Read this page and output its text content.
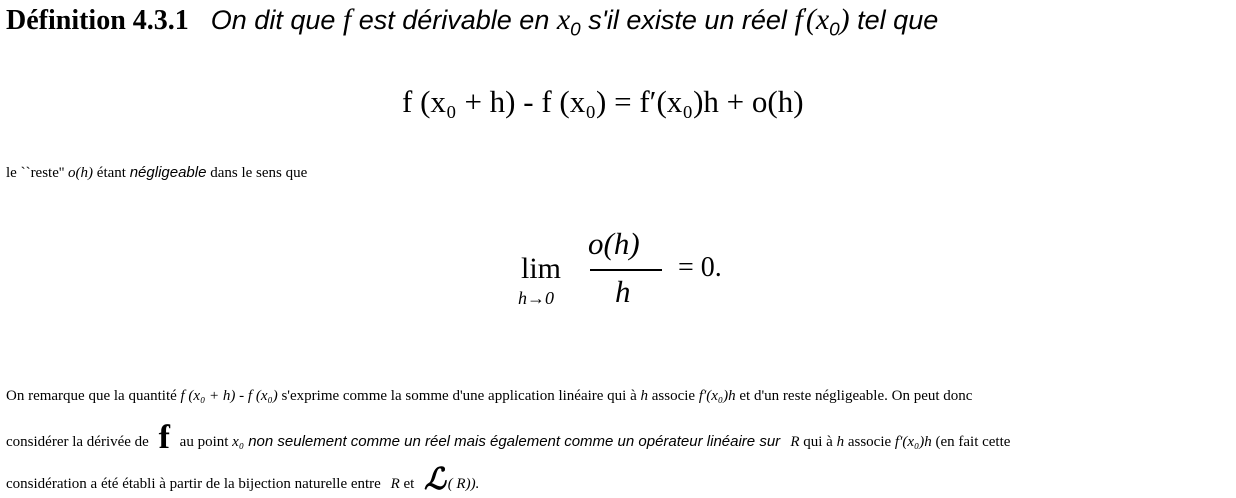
Définition 4.3.1 On dit que f est dérivable en $x_0$ s'il existe un réel $f'(x_0)$ tel que
f (x₀ + h) - f (x₀) = f′(x₀)h + o(h)
le ``reste'' o(h) étant négligeable dans le sens que
lim
h→0
o(h)
h
= 0.
On remarque que la quantité f (x₀ + h) - f (x₀) s'exprime comme la somme d'une application linéaire qui à h associe f′(x₀)h et d'un reste négligeable. On peut donc
considérer la dérivée de f au point x₀ non seulement comme un réel mais également comme un opérateur linéaire sur R qui à h associe f′(x₀)h (en fait cette
considération a été établi à partir de la bijection naturelle entre R et ℒ ( R)).
